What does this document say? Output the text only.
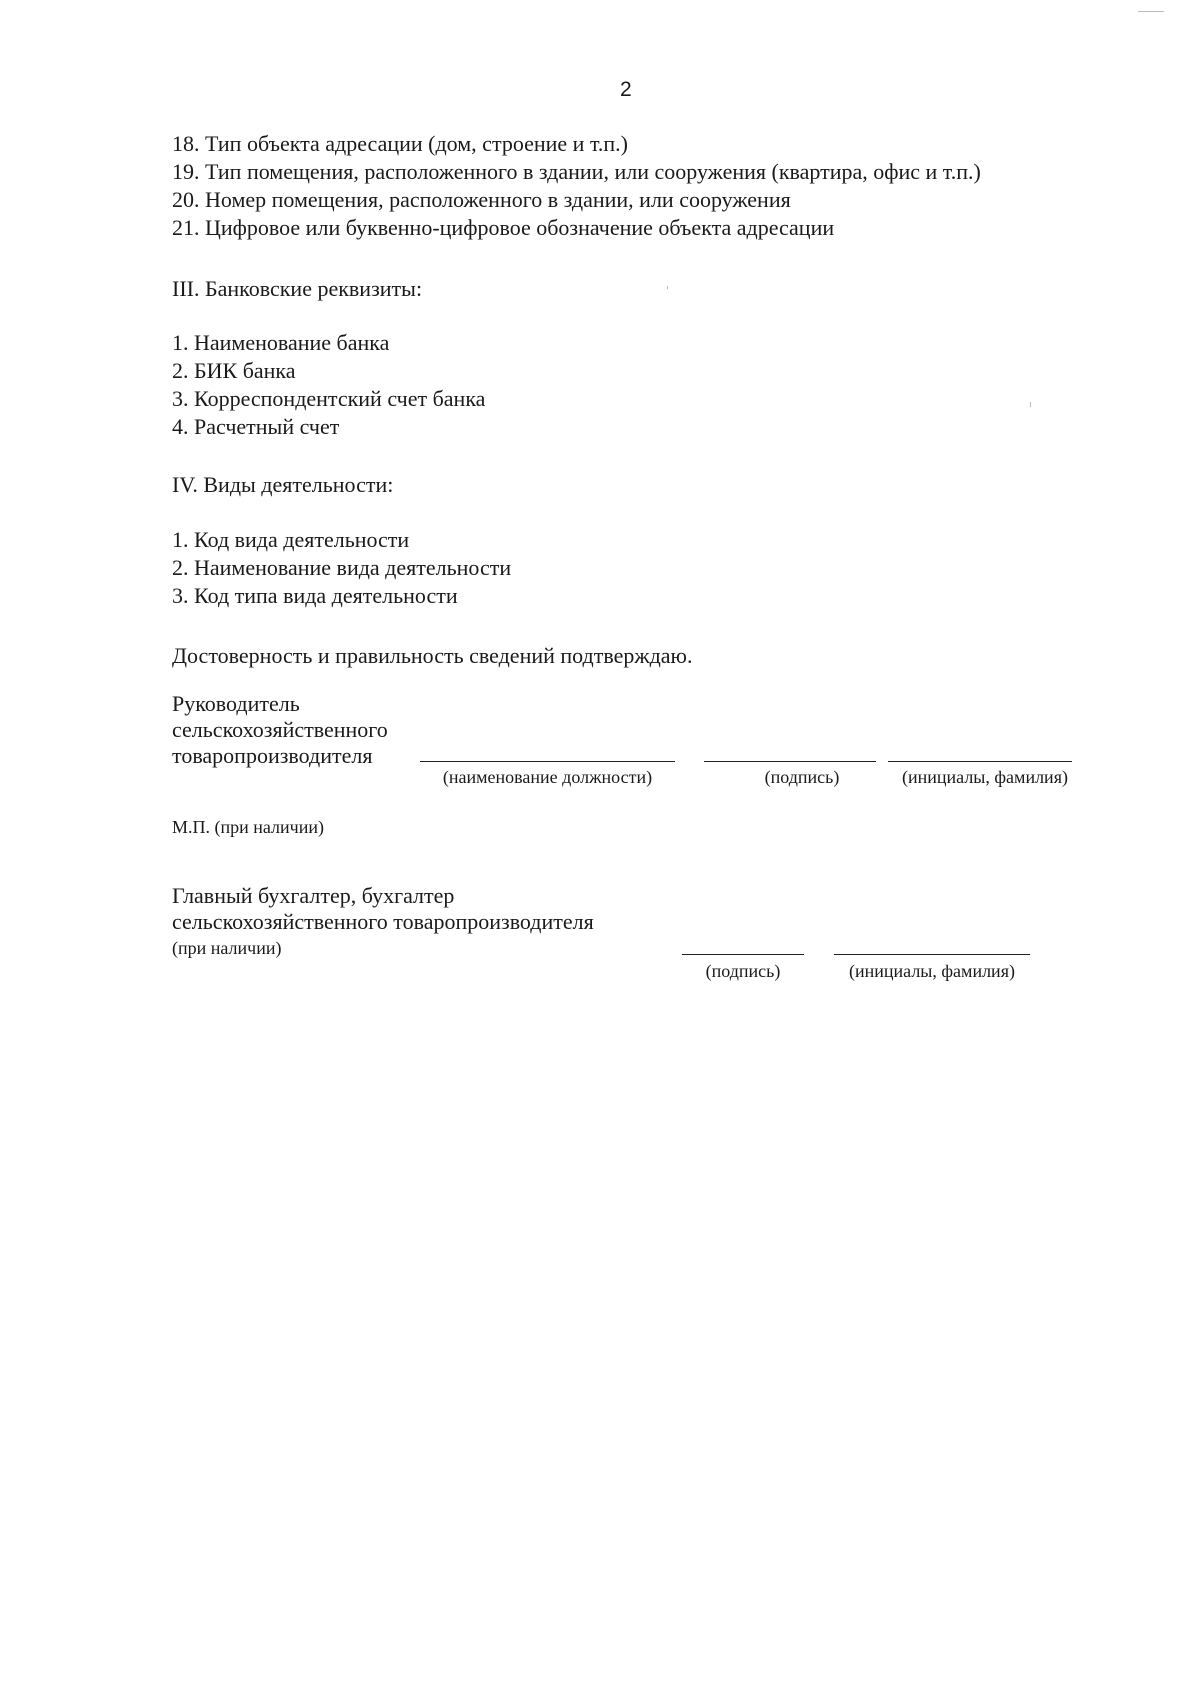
2
18. Тип объекта адресации (дом, строение и т.п.)
19. Тип помещения, расположенного в здании, или сооружения (квартира, офис и т.п.)
20. Номер помещения, расположенного в здании, или сооружения
21. Цифровое или буквенно-цифровое обозначение объекта адресации
III. Банковские реквизиты:
1. Наименование банка
2. БИК банка
3. Корреспондентский счет банка
4. Расчетный счет
IV. Виды деятельности:
1. Код вида деятельности
2. Наименование вида деятельности
3. Код типа вида деятельности
Достоверность и правильность сведений подтверждаю.
Руководитель
сельскохозяйственного
товаропроизводителя
(наименование должности)	(подпись)	(инициалы, фамилия)
М.П. (при наличии)
Главный бухгалтер, бухгалтер
сельскохозяйственного товаропроизводителя
(при наличии)
(подпись)	(инициалы, фамилия)
